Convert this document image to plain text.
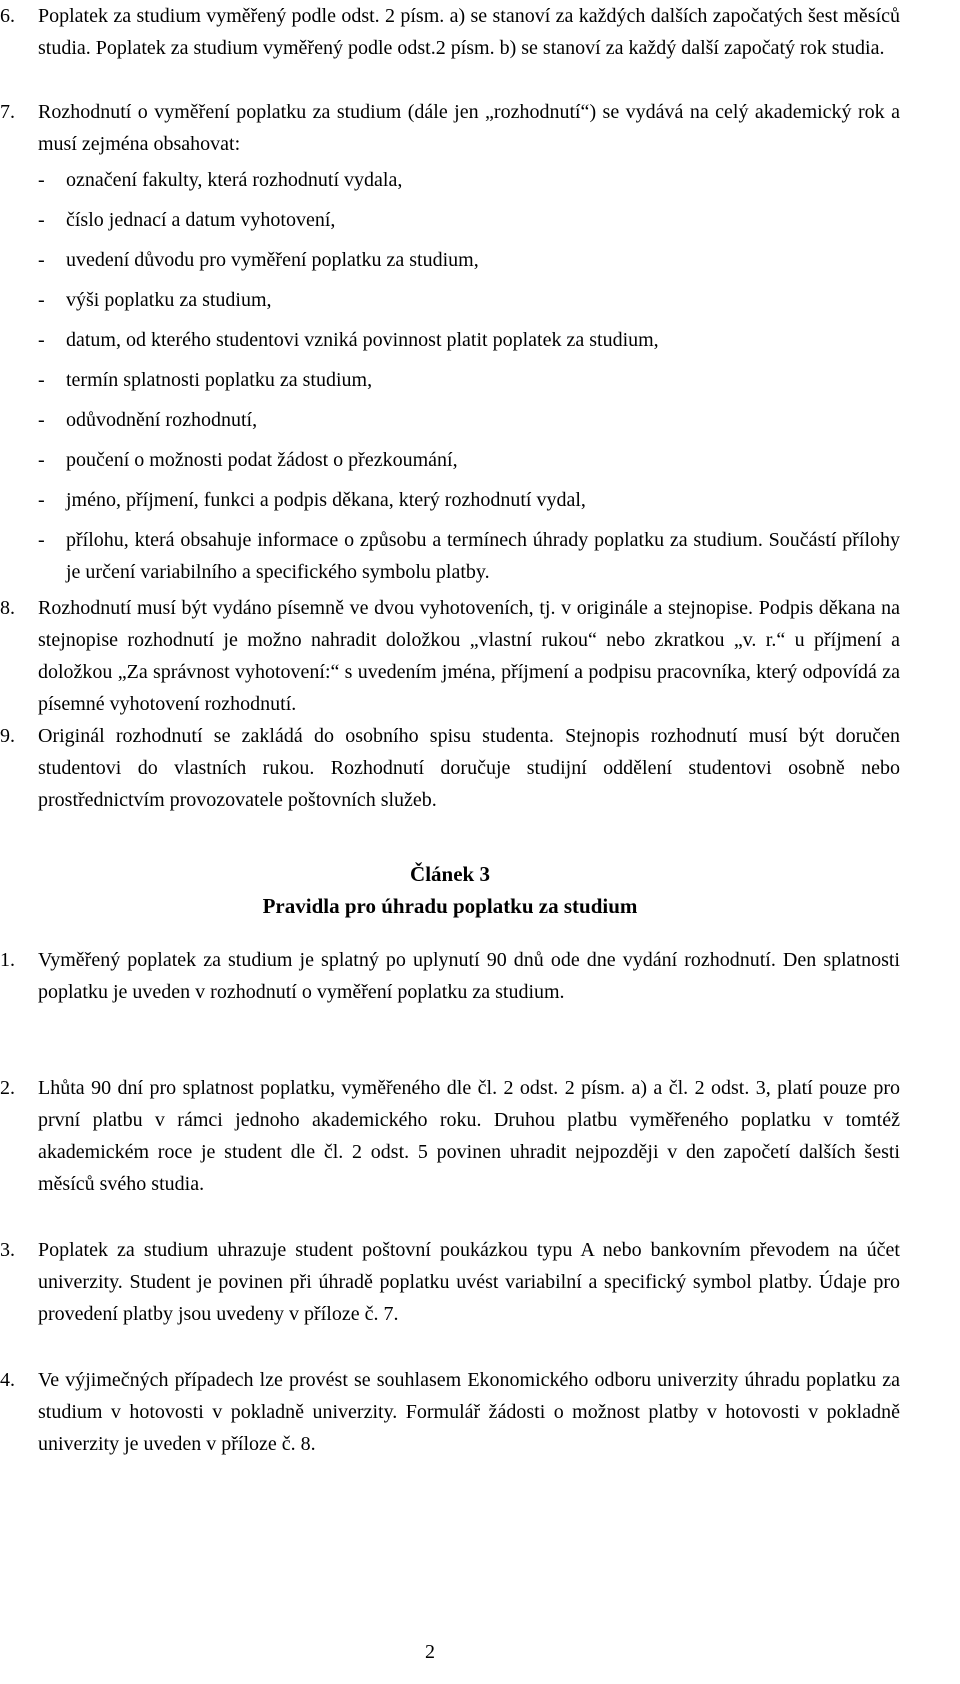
6. Poplatek za studium vyměřený podle odst. 2 písm. a) se stanoví za každých dalších započatých šest měsíců studia. Poplatek za studium vyměřený podle odst.2 písm. b) se stanoví za každý další započatý rok studia.
7. Rozhodnutí o vyměření poplatku za studium (dále jen „rozhodnutí“) se vydává na celý akademický rok a musí zejména obsahovat:
- označení fakulty, která rozhodnutí vydala,
- číslo jednací a datum vyhotovení,
- uvedení důvodu pro vyměření poplatku za studium,
- výši poplatku za studium,
- datum, od kterého studentovi vzniká povinnost platit poplatek za studium,
- termín splatnosti poplatku za studium,
- odůvodnění rozhodnutí,
- poučení o možnosti podat žádost o přezkoumání,
- jméno, příjmení, funkci a podpis děkana, který rozhodnutí vydal,
- přílohu, která obsahuje informace o způsobu a termínech úhrady poplatku za studium. Součástí přílohy je určení variabilního a specifického symbolu platby.
8. Rozhodnutí musí být vydáno písemně ve dvou vyhotoveních, tj. v originále a stejnopise. Podpis děkana na stejnopise rozhodnutí je možno nahradit doložkou „vlastní rukou“ nebo zkratkou „v. r.“ u příjmení a doložkou „Za správnost vyhotovení:“ s uvedením jména, příjmení a podpisu pracovníka, který odpovídá za písemné vyhotovení rozhodnutí.
9. Originál rozhodnutí se zakládá do osobního spisu studenta. Stejnopis rozhodnutí musí být doručen studentovi do vlastních rukou. Rozhodnutí doručuje studijní oddělení studentovi osobně nebo prostřednictvím provozovatele poštovních služeb.
Článek 3
Pravidla pro úhradu poplatku za studium
1. Vyměřený poplatek za studium je splatný po uplynutí 90 dnů ode dne vydání rozhodnutí. Den splatnosti poplatku je uveden v rozhodnutí o vyměření poplatku za studium.
2. Lhůta 90 dní pro splatnost poplatku, vyměřeného dle čl. 2 odst. 2 písm. a) a čl. 2 odst. 3, platí pouze pro první platbu v rámci jednoho akademického roku. Druhou platbu vyměřeného poplatku v tomtéž akademickém roce je student dle čl. 2 odst. 5 povinen uhradit nejpozději v den započetí dalších šesti měsíců svého studia.
3. Poplatek za studium uhrazuje student poštovní poukázkou typu A nebo bankovním převodem na účet univerzity. Student je povinen při úhradě poplatku uvést variabilní a specifický symbol platby. Údaje pro provedení platby jsou uvedeny v příloze č. 7.
4. Ve výjimečných případech lze provést se souhlasem Ekonomického odboru univerzity úhradu poplatku za studium v hotovosti v pokladně univerzity. Formulář žádosti o možnost platby v hotovosti v pokladně univerzity je uveden v příloze č. 8.
2
